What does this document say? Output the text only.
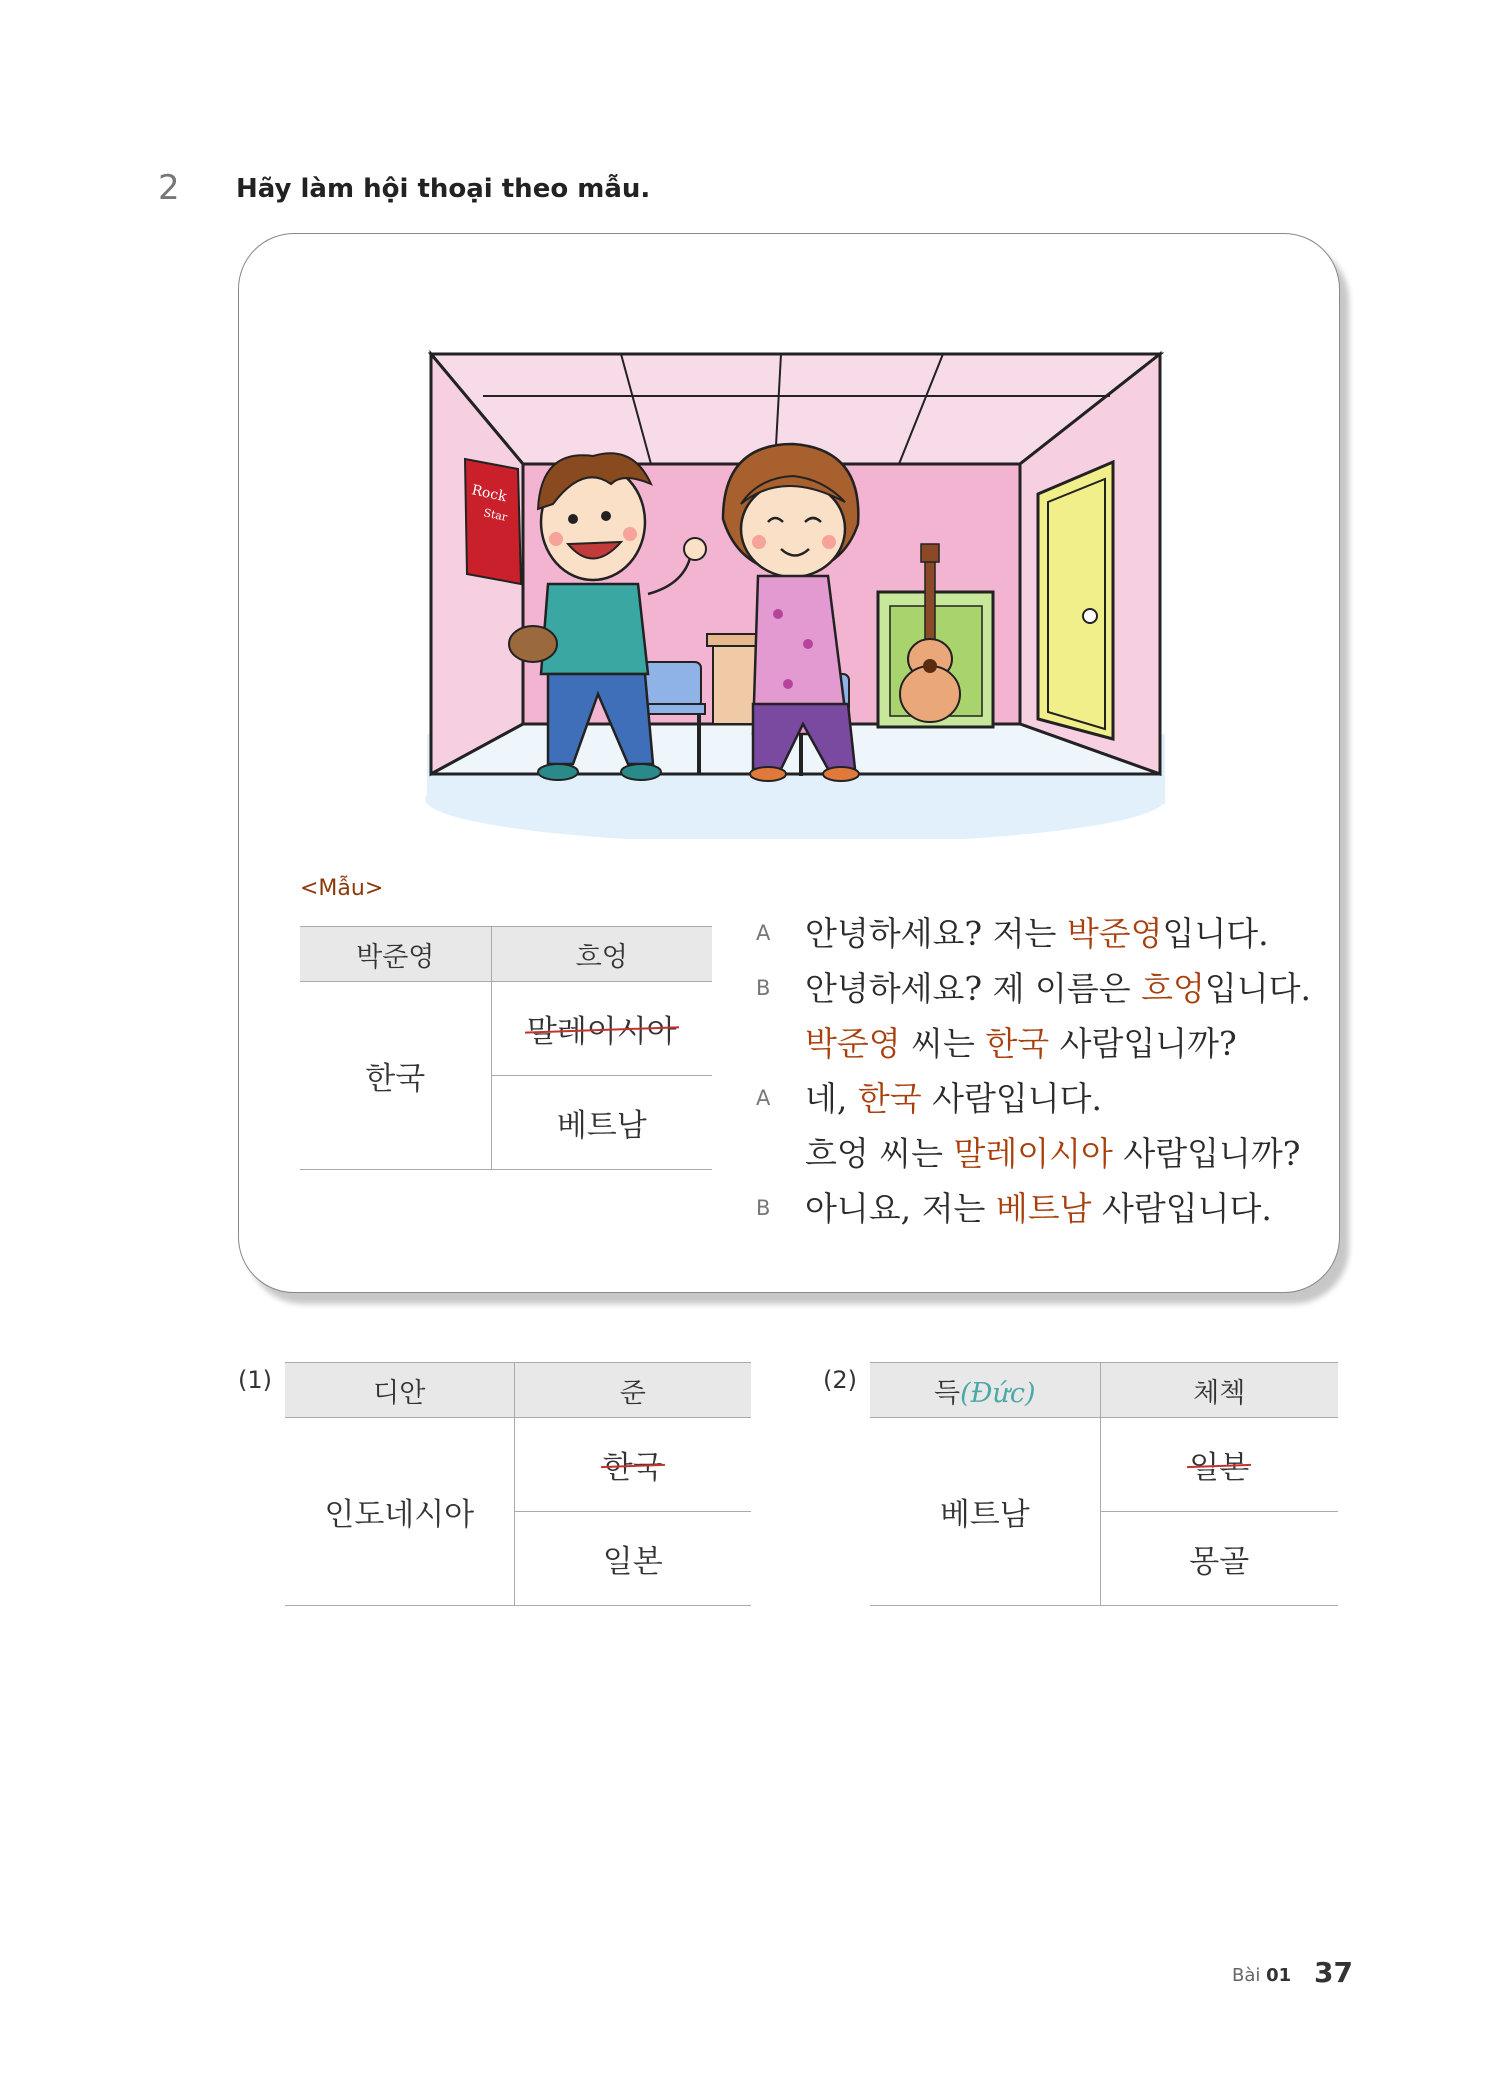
2 Hãy làm hội thoại theo mẫu.
Rock
Star
<Mẫu>
박준영	흐엉
한국	말레이시아
	베트남
A 안녕하세요? 저는 박준영입니다.
B 안녕하세요? 제 이름은 흐엉입니다.
박준영 씨는 한국 사람입니까?
A 네, 한국 사람입니다.
흐엉 씨는 말레이시아 사람입니까?
B 아니요, 저는 베트남 사람입니다.
(1)	디안	준
인도네시아	한국
	일본
(2)	득(Đức)	체첵
베트남	일본
	몽골
Bài 01 37
